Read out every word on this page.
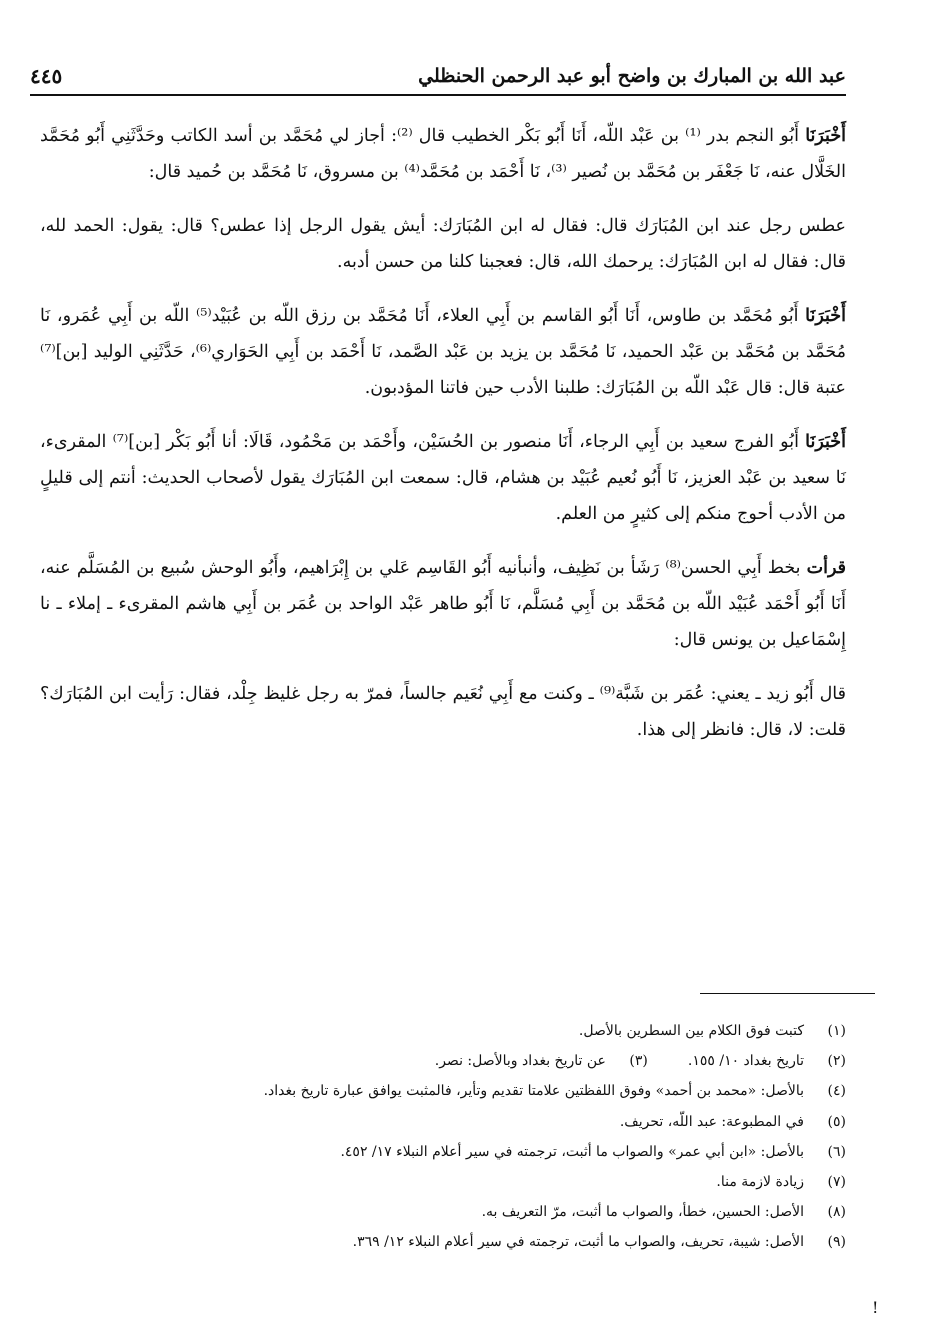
عبد الله بن المبارك بن واضح أبو عبد الرحمن الحنظلي
٤٤٥

أَخْبَرَنَا أَبُو النجم بدر ⁽¹⁾ بن عَبْد اللّه، أَنَا أَبُو بَكْر الخطيب قال ⁽²⁾: أجاز لي مُحَمَّد بن أسد الكاتب وحَدَّثَنِي أَبُو مُحَمَّد الخَلَّال عنه، نَا جَعْفَر بن مُحَمَّد بن نُصير ⁽³⁾، نَا أَحْمَد بن مُحَمَّد⁽⁴⁾ بن مسروق، نَا مُحَمَّد بن حُميد قال:

عطس رجل عند ابن المُبَارَك قال: فقال له ابن المُبَارَك: أيش يقول الرجل إذا عطس؟ قال: يقول: الحمد لله، قال: فقال له ابن المُبَارَك: يرحمك الله، قال: فعجبنا كلنا من حسن أدبه.

أَخْبَرَنَا أَبُو مُحَمَّد بن طاوس، أَنَا أَبُو القاسم بن أَبِي العلاء، أَنَا مُحَمَّد بن رزق اللّه بن عُبَيْد⁽⁵⁾ اللّه بن أَبِي عُمَرو، نَا مُحَمَّد بن مُحَمَّد بن عَبْد الحميد، نَا مُحَمَّد بن يزيد بن عَبْد الصَّمد، نَا أَحْمَد بن أَبِي الحَوَاري⁽⁶⁾، حَدَّثَنِي الوليد [بن]⁽⁷⁾ عتبة قال: قال عَبْد اللّه بن المُبَارَك: طلبنا الأدب حين فاتنا المؤدبون.

أَخْبَرَنَا أَبُو الفرج سعيد بن أَبِي الرجاء، أَنَا منصور بن الحُسَيْن، وأَحْمَد بن مَحْمُود، قَالَا: أنا أَبُو بَكْر [بن]⁽⁷⁾ المقرىء، نَا سعيد بن عَبْد العزيز، نَا أَبُو نُعيم عُبَيْد بن هشام، قال: سمعت ابن المُبَارَك يقول لأصحاب الحديث: أنتم إلى قليلٍ من الأدب أحوج منكم إلى كثيرٍ من العلم.

قرأت بخط أَبِي الحسن⁽⁸⁾ رَشَأ بن نَظِيف، وأنبأنيه أَبُو القَاسِم عَلي بن إِبْرَاهيم، وأَبُو الوحش سُبيع بن المُسَلَّم عنه، أَنَا أَبُو أَحْمَد عُبَيْد اللّه بن مُحَمَّد بن أَبِي مُسَلَّم، نَا أَبُو طاهر عَبْد الواحد بن عُمَر بن أَبِي هاشم المقرىء ـ إملاء ـ نا إِسْمَاعيل بن يونس قال:

قال أَبُو زيد ـ يعني: عُمَر بن شَبَّة⁽⁹⁾ ـ وكنت مع أَبِي نُعَيم جالساً، فمرّ به رجل غليظ جِلْد، فقال: رَأيت ابن المُبَارَك؟ قلت: لا، قال: فانظر إلى هذا.

(١)
كتبت فوق الكلام بين السطرين بالأصل.
(٢)
تاريخ بغداد ١٠/ ١٥٥.
(٣)
عن تاريخ بغداد وبالأصل: نصر.
(٤)
بالأصل: «محمد بن أحمد» وفوق اللفظتين علامتا تقديم وتأير، فالمثبت يوافق عبارة تاريخ بغداد.
(٥)
في المطبوعة: عبد اللّه، تحريف.
(٦)
بالأصل: «ابن أبي عمر» والصواب ما أثبت، ترجمته في سير أعلام النبلاء ١٧/ ٤٥٢.
(٧)
زيادة لازمة منا.
(٨)
الأصل: الحسين، خطأ، والصواب ما أثبت، مرّ التعريف به.
(٩)
الأصل: شيبة، تحريف، والصواب ما أثبت، ترجمته في سير أعلام النبلاء ١٢/ ٣٦٩.
!
